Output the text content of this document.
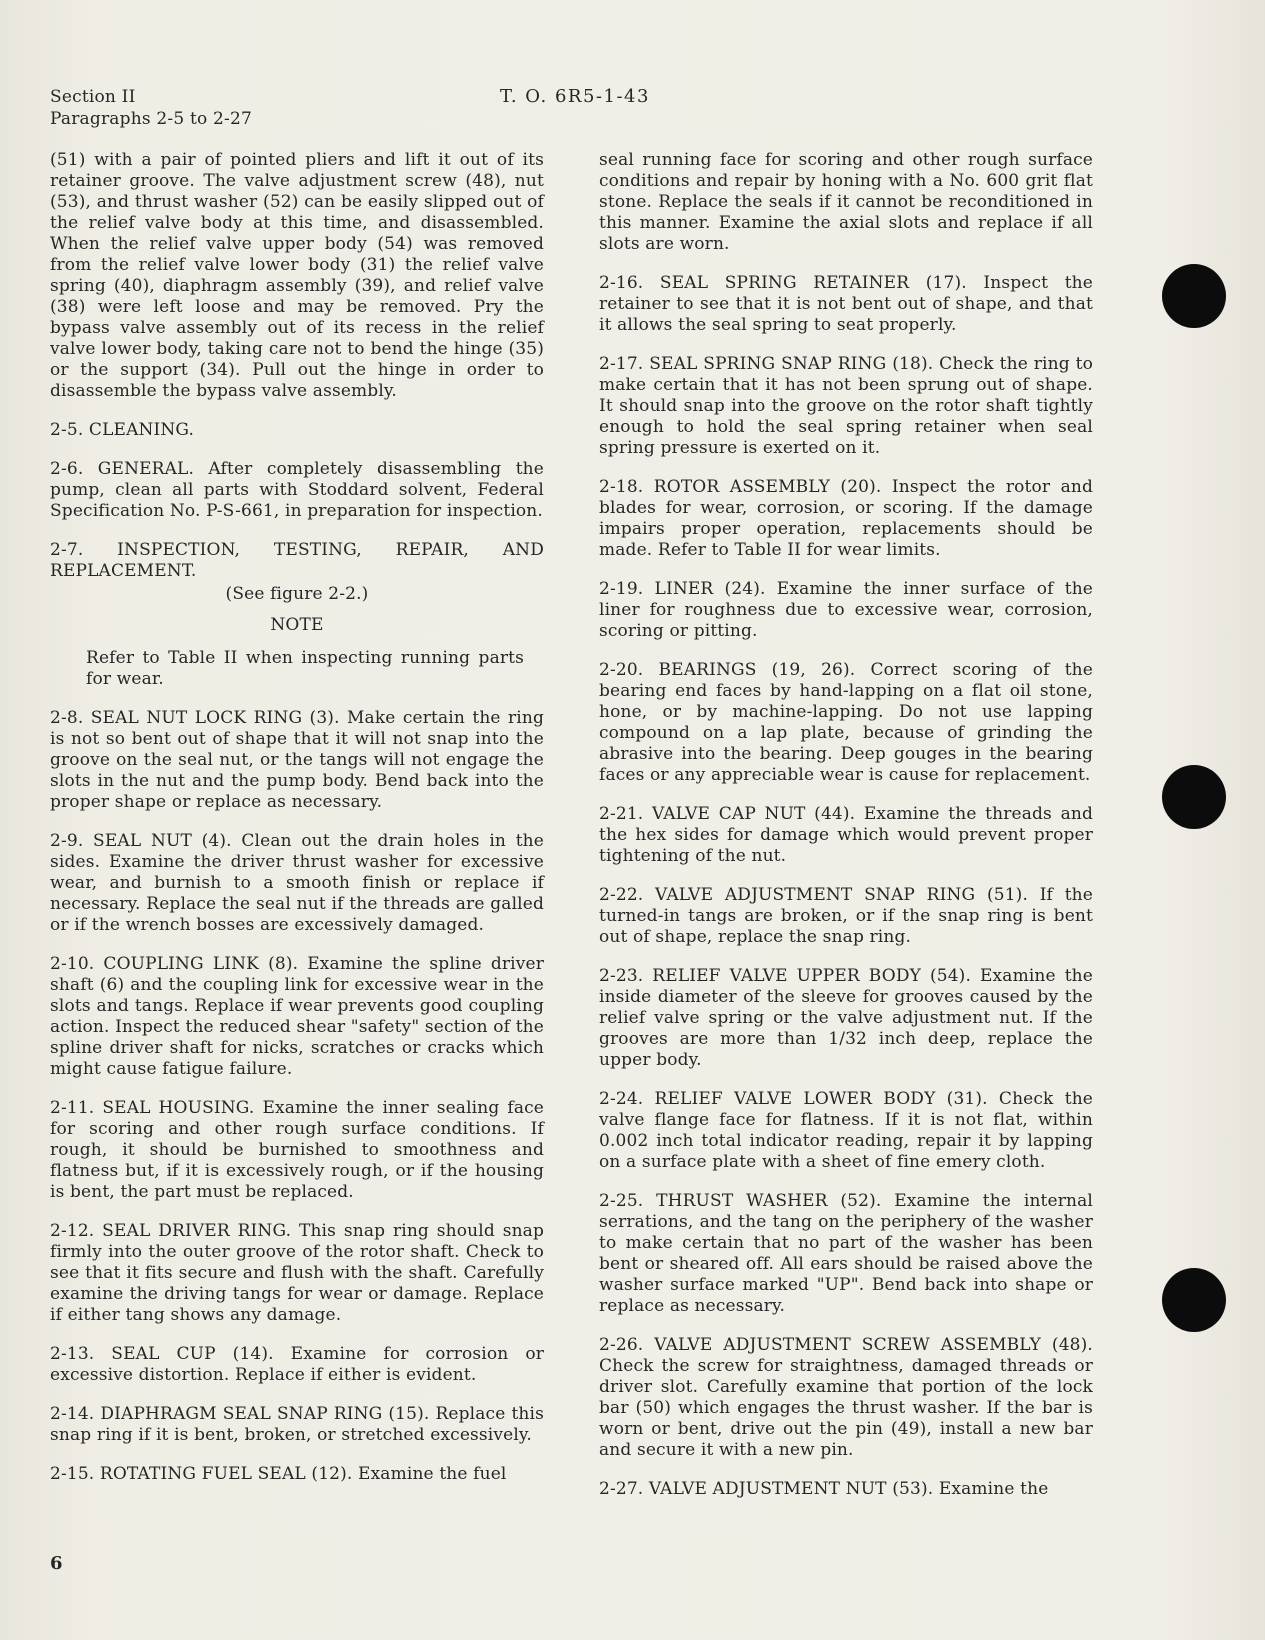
Section II
Paragraphs 2-5 to 2-27
T. O. 6R5-1-43

(51) with a pair of pointed pliers and lift it out of its retainer groove. The valve adjustment screw (48), nut (53), and thrust washer (52) can be easily slipped out of the relief valve body at this time, and disassembled. When the relief valve upper body (54) was removed from the relief valve lower body (31) the relief valve spring (40), diaphragm assembly (39), and relief valve (38) were left loose and may be removed. Pry the bypass valve assembly out of its recess in the relief valve lower body, taking care not to bend the hinge (35) or the support (34). Pull out the hinge in order to disassemble the bypass valve assembly.

2-5. CLEANING.

2-6. GENERAL. After completely disassembling the pump, clean all parts with Stoddard solvent, Federal Specification No. P-S-661, in preparation for inspection.

2-7. INSPECTION, TESTING, REPAIR, AND REPLACEMENT.

(See figure 2-2.)

NOTE

Refer to Table II when inspecting running parts for wear.

2-8. SEAL NUT LOCK RING (3). Make certain the ring is not so bent out of shape that it will not snap into the groove on the seal nut, or the tangs will not engage the slots in the nut and the pump body. Bend back into the proper shape or replace as necessary.

2-9. SEAL NUT (4). Clean out the drain holes in the sides. Examine the driver thrust washer for excessive wear, and burnish to a smooth finish or replace if necessary. Replace the seal nut if the threads are galled or if the wrench bosses are excessively damaged.

2-10. COUPLING LINK (8). Examine the spline driver shaft (6) and the coupling link for excessive wear in the slots and tangs. Replace if wear prevents good coupling action. Inspect the reduced shear "safety" section of the spline driver shaft for nicks, scratches or cracks which might cause fatigue failure.

2-11. SEAL HOUSING. Examine the inner sealing face for scoring and other rough surface conditions. If rough, it should be burnished to smoothness and flatness but, if it is excessively rough, or if the housing is bent, the part must be replaced.

2-12. SEAL DRIVER RING. This snap ring should snap firmly into the outer groove of the rotor shaft. Check to see that it fits secure and flush with the shaft. Carefully examine the driving tangs for wear or damage. Replace if either tang shows any damage.

2-13. SEAL CUP (14). Examine for corrosion or excessive distortion. Replace if either is evident.

2-14. DIAPHRAGM SEAL SNAP RING (15). Replace this snap ring if it is bent, broken, or stretched excessively.

2-15. ROTATING FUEL SEAL (12). Examine the fuel

seal running face for scoring and other rough surface conditions and repair by honing with a No. 600 grit flat stone. Replace the seals if it cannot be reconditioned in this manner. Examine the axial slots and replace if all slots are worn.

2-16. SEAL SPRING RETAINER (17). Inspect the retainer to see that it is not bent out of shape, and that it allows the seal spring to seat properly.

2-17. SEAL SPRING SNAP RING (18). Check the ring to make certain that it has not been sprung out of shape. It should snap into the groove on the rotor shaft tightly enough to hold the seal spring retainer when seal spring pressure is exerted on it.

2-18. ROTOR ASSEMBLY (20). Inspect the rotor and blades for wear, corrosion, or scoring. If the damage impairs proper operation, replacements should be made. Refer to Table II for wear limits.

2-19. LINER (24). Examine the inner surface of the liner for roughness due to excessive wear, corrosion, scoring or pitting.

2-20. BEARINGS (19, 26). Correct scoring of the bearing end faces by hand-lapping on a flat oil stone, hone, or by machine-lapping. Do not use lapping compound on a lap plate, because of grinding the abrasive into the bearing. Deep gouges in the bearing faces or any appreciable wear is cause for replacement.

2-21. VALVE CAP NUT (44). Examine the threads and the hex sides for damage which would prevent proper tightening of the nut.

2-22. VALVE ADJUSTMENT SNAP RING (51). If the turned-in tangs are broken, or if the snap ring is bent out of shape, replace the snap ring.

2-23. RELIEF VALVE UPPER BODY (54). Examine the inside diameter of the sleeve for grooves caused by the relief valve spring or the valve adjustment nut. If the grooves are more than 1/32 inch deep, replace the upper body.

2-24. RELIEF VALVE LOWER BODY (31). Check the valve flange face for flatness. If it is not flat, within 0.002 inch total indicator reading, repair it by lapping on a surface plate with a sheet of fine emery cloth.

2-25. THRUST WASHER (52). Examine the internal serrations, and the tang on the periphery of the washer to make certain that no part of the washer has been bent or sheared off. All ears should be raised above the washer surface marked "UP". Bend back into shape or replace as necessary.

2-26. VALVE ADJUSTMENT SCREW ASSEMBLY (48). Check the screw for straightness, damaged threads or driver slot. Carefully examine that portion of the lock bar (50) which engages the thrust washer. If the bar is worn or bent, drive out the pin (49), install a new bar and secure it with a new pin.

2-27. VALVE ADJUSTMENT NUT (53). Examine the

6
